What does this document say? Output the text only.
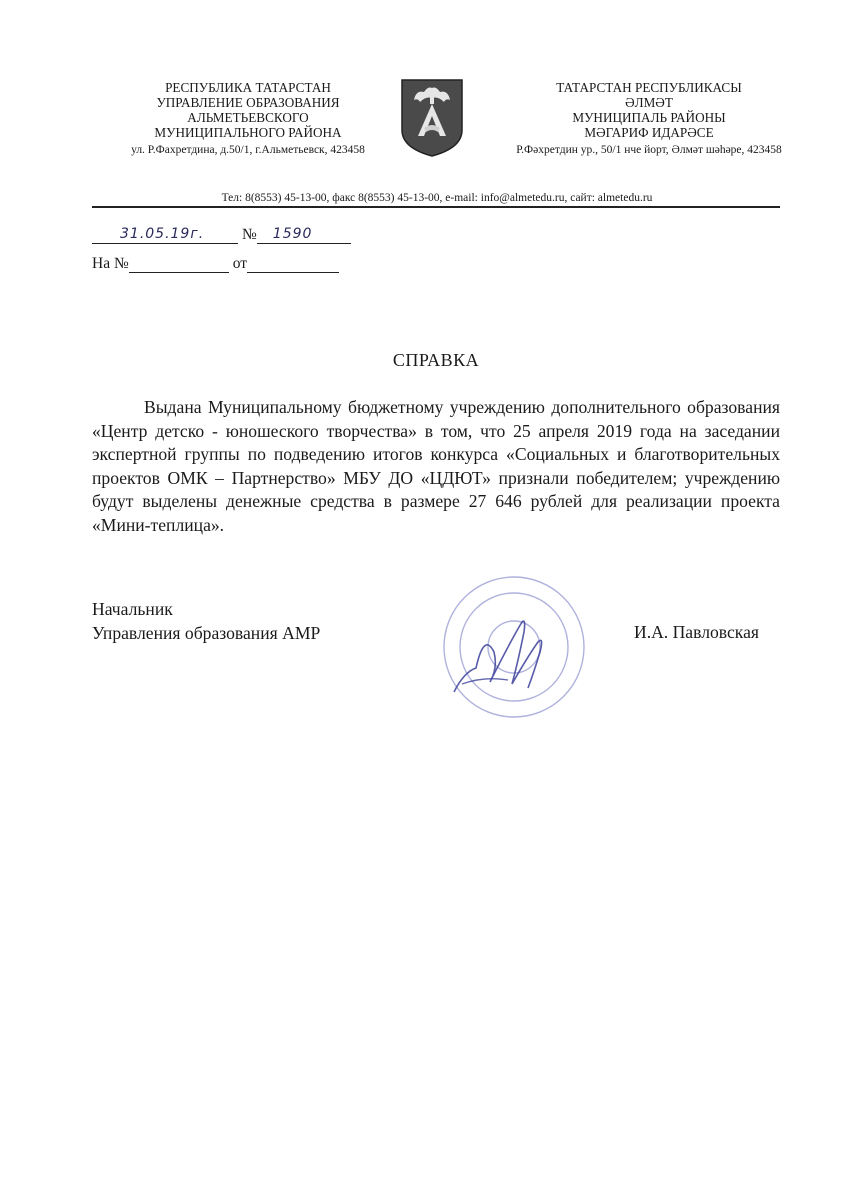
РЕСПУБЛИКА ТАТАРСТАН
УПРАВЛЕНИЕ ОБРАЗОВАНИЯ
АЛЬМЕТЬЕВСКОГО
МУНИЦИПАЛЬНОГО РАЙОНА
ул. Р.Фахретдина, д.50/1, г.Альметьевск, 423458
ТАТАРСТАН РЕСПУБЛИКАСЫ
ӘЛМӘТ
МУНИЦИПАЛЬ РАЙОНЫ
МӘГАРИФ ИДАРӘСЕ
Р.Фәхретдин ур., 50/1 нче йорт, Әлмәт шәһәре, 423458
Тел: 8(8553) 45-13-00, факс 8(8553) 45-13-00, e-mail: info@almetedu.ru, сайт: almetedu.ru
31.05.19г. № 1590
На №	от
СПРАВКА
Выдана Муниципальному бюджетному учреждению дополнительного образования «Центр детско - юношеского творчества» в том, что 25 апреля 2019 года на заседании экспертной группы по подведению итогов конкурса «Социальных и благотворительных проектов ОМК – Партнерство» МБУ ДО «ЦДЮТ» признали победителем; учреждению будут выделены денежные средства в размере 27 646 рублей для реализации проекта «Мини-теплица».
Начальник
Управления образования АМР	И.А. Павловская
